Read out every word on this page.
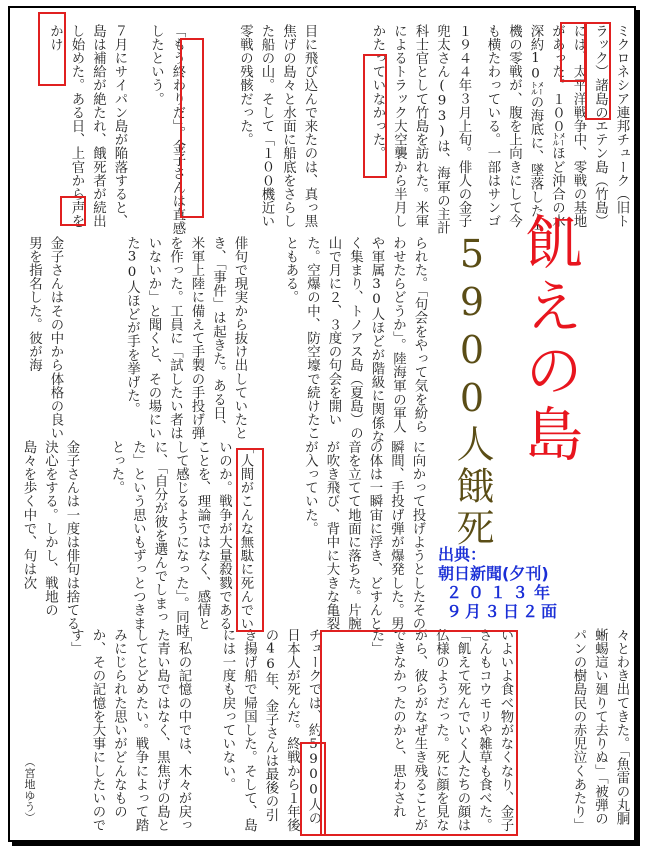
ミクロネシア連邦チューク（旧トラック）諸島のエテン島（竹島）には、太平洋戦争中、零戦の基地があった。１００㍍ほど沖合の水深約10㍍の海底に、墜落した１機の零戦が、腹を上向きにして今も横たわっている。一部はサンゴ
１９４４年３月上旬。俳人の金子兜太さん(93)は、海軍の主計科士官として竹島を訪れた。米軍によるトラック大空襲から半月しかたっていなかった。
目に飛び込んで来たのは、真っ黒焦げの島々と水面に船底をさらした船の山。そして「１００機近い零戦の残骸だった。
「もう終わりだ」。金子さんは直感したという。
７月にサイパン島が陥落すると、島は補給が絶たれ、餓死者が続出し始めた。ある日、上官から声をかけ
られた。「句会をやって気を紛らわせたらどうか」。陸海軍の軍人や軍属30人ほどが階級に関係なく集まり、トノアス島（夏島）の山で月に２、３度の句会を開いた。空爆の中、防空壕で続けたこともある。
俳句で現実から抜け出していたとき、「事件」は起きた。ある日、米軍上陸に備えて手製の手投げ弾を作った。工員に「試したい者はいないか」と聞くと、その場にいた30人ほどが手を挙げた。
金子さんはその中から体格の良い男を指名した。彼が海
に向かって投げようとしたその瞬間、手投げ弾が爆発した。男の体は一瞬宙に浮き、どすんと音を立てて地面に落ちた。片腕が吹き飛び、背中に大きな亀裂が入っていた。
「人間がこんな無駄に死んでいいのか。戦争が大量殺戮であることを、理論ではなく、感情として感じるようになった」。同時に、「自分が彼を選んでしまった」という思いもずっとつきまとった。
金子さんは一度は俳句は捨てる決心をする。しかし、戦地の島々を歩く中で、句は次
々とわき出てきた。「魚雷の丸胴蜥蜴這い廻りて去りぬ」「被弾のパンの樹島民の赤児泣くあたり」
いよいよ食べ物がなくなり、金子さんもコウモリや雑草も食べた。「飢えて死んでいく人たちの顔は仏様のようだった。死に顔を見ながら、彼らがなぜ生き残ることができなかったのかと、思わされた」
チュークでは、約5900人の日本人が死んだ。終戦から１年後の46年、金子さんは最後の引き揚げ船で帰国した。そして、島には一度も戻っていない。
「私の記憶の中では、木々が戻った青い島ではなく、黒焦げの島としてとどめたい。戦争によって踏みにじられた思いがどんなものか、その記憶を大事にしたいのです」
（宮地ゆう）
飢えの島
5900人餓死
出典：
朝日新聞(夕刊)
２０１３年
９月３日２面
